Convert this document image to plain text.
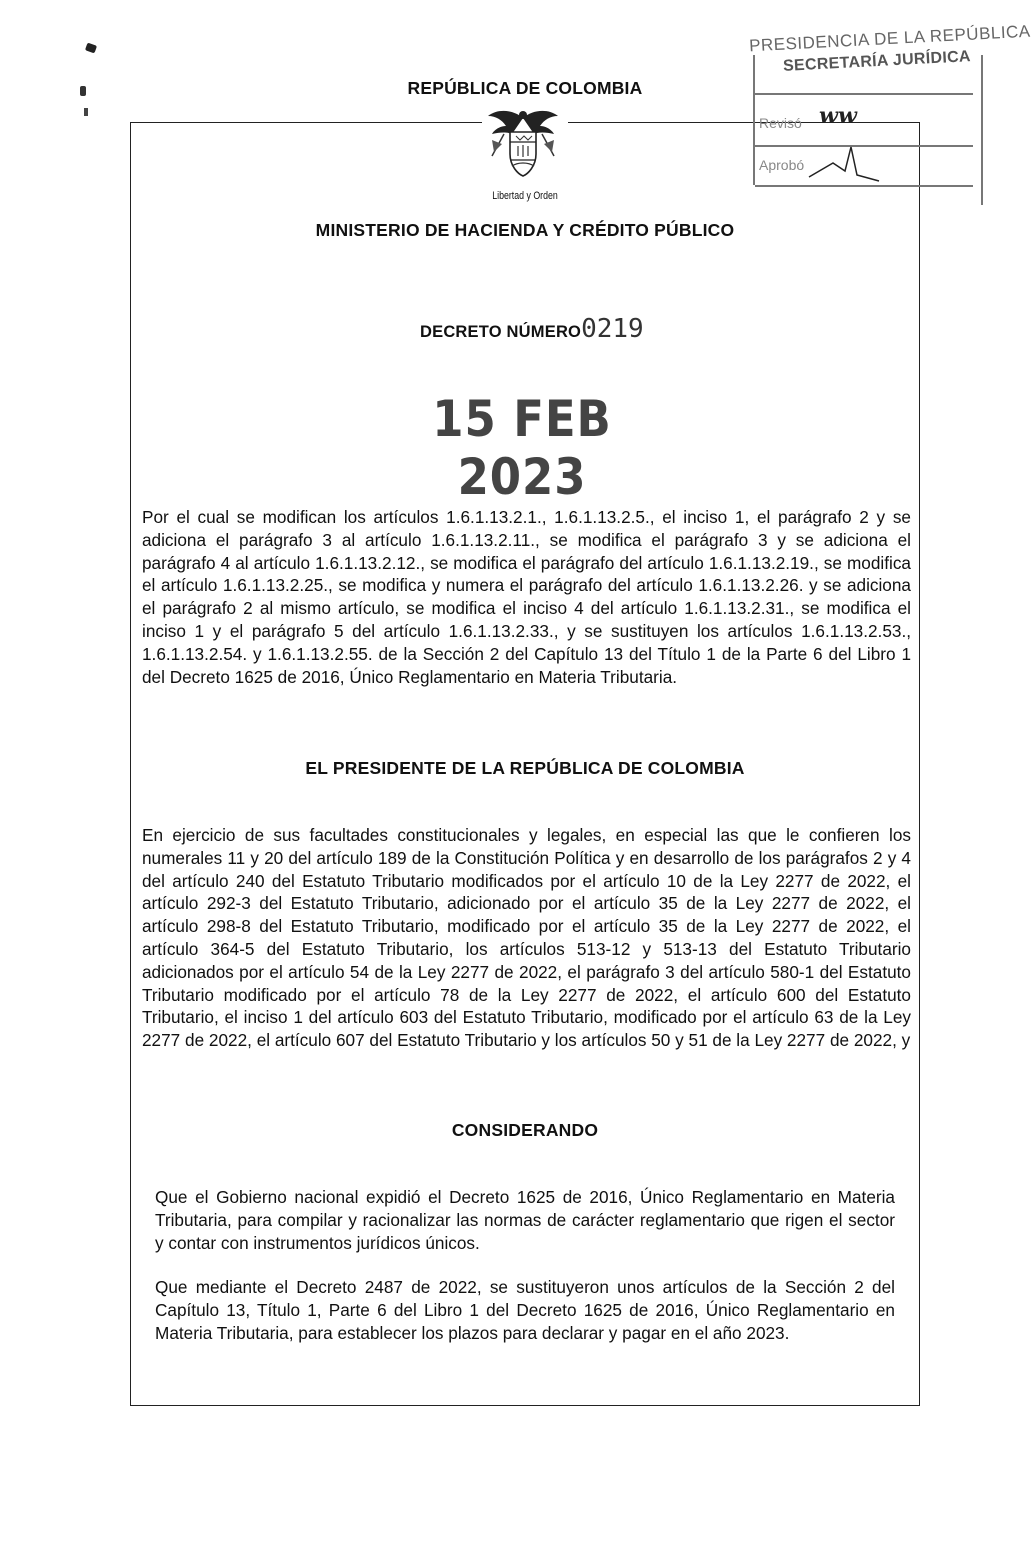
REPÚBLICA DE COLOMBIA
Libertad y Orden
MINISTERIO DE HACIENDA Y CRÉDITO PÚBLICO
PRESIDENCIA DE LA REPÚBLICA
SECRETARÍA JURÍDICA
Revisó ww
Aprobó
DECRETO NÚMERO0219
15 FEB 2023
Por el cual se modifican los artículos 1.6.1.13.2.1., 1.6.1.13.2.5., el inciso 1, el parágrafo 2 y se adiciona el parágrafo 3 al artículo 1.6.1.13.2.11., se modifica el parágrafo 3 y se adiciona el parágrafo 4 al artículo 1.6.1.13.2.12., se modifica el parágrafo del artículo 1.6.1.13.2.19., se modifica el artículo 1.6.1.13.2.25., se modifica y numera el parágrafo del artículo 1.6.1.13.2.26. y se adiciona el parágrafo 2 al mismo artículo, se modifica el inciso 4 del artículo 1.6.1.13.2.31., se modifica el inciso 1 y el parágrafo 5 del artículo 1.6.1.13.2.33., y se sustituyen los artículos 1.6.1.13.2.53., 1.6.1.13.2.54. y 1.6.1.13.2.55. de la Sección 2 del Capítulo 13 del Título 1 de la Parte 6 del Libro 1 del Decreto 1625 de 2016, Único Reglamentario en Materia Tributaria.
EL PRESIDENTE DE LA REPÚBLICA DE COLOMBIA
En ejercicio de sus facultades constitucionales y legales, en especial las que le confieren los numerales 11 y 20 del artículo 189 de la Constitución Política y en desarrollo de los parágrafos 2 y 4 del artículo 240 del Estatuto Tributario modificados por el artículo 10 de la Ley 2277 de 2022, el artículo 292-3 del Estatuto Tributario, adicionado por el artículo 35 de la Ley 2277 de 2022, el artículo 298-8 del Estatuto Tributario, modificado por el artículo 35 de la Ley 2277 de 2022, el artículo 364-5 del Estatuto Tributario, los artículos 513-12 y 513-13 del Estatuto Tributario adicionados por el artículo 54 de la Ley 2277 de 2022, el parágrafo 3 del artículo 580-1 del Estatuto Tributario modificado por el artículo 78 de la Ley 2277 de 2022, el artículo 600 del Estatuto Tributario, el inciso 1 del artículo 603 del Estatuto Tributario, modificado por el artículo 63 de la Ley 2277 de 2022, el artículo 607 del Estatuto Tributario y los artículos 50 y 51 de la Ley 2277 de 2022, y
CONSIDERANDO
Que el Gobierno nacional expidió el Decreto 1625 de 2016, Único Reglamentario en Materia Tributaria, para compilar y racionalizar las normas de carácter reglamentario que rigen el sector y contar con instrumentos jurídicos únicos.
Que mediante el Decreto 2487 de 2022, se sustituyeron unos artículos de la Sección 2 del Capítulo 13, Título 1, Parte 6 del Libro 1 del Decreto 1625 de 2016, Único Reglamentario en Materia Tributaria, para establecer los plazos para declarar y pagar en el año 2023.
